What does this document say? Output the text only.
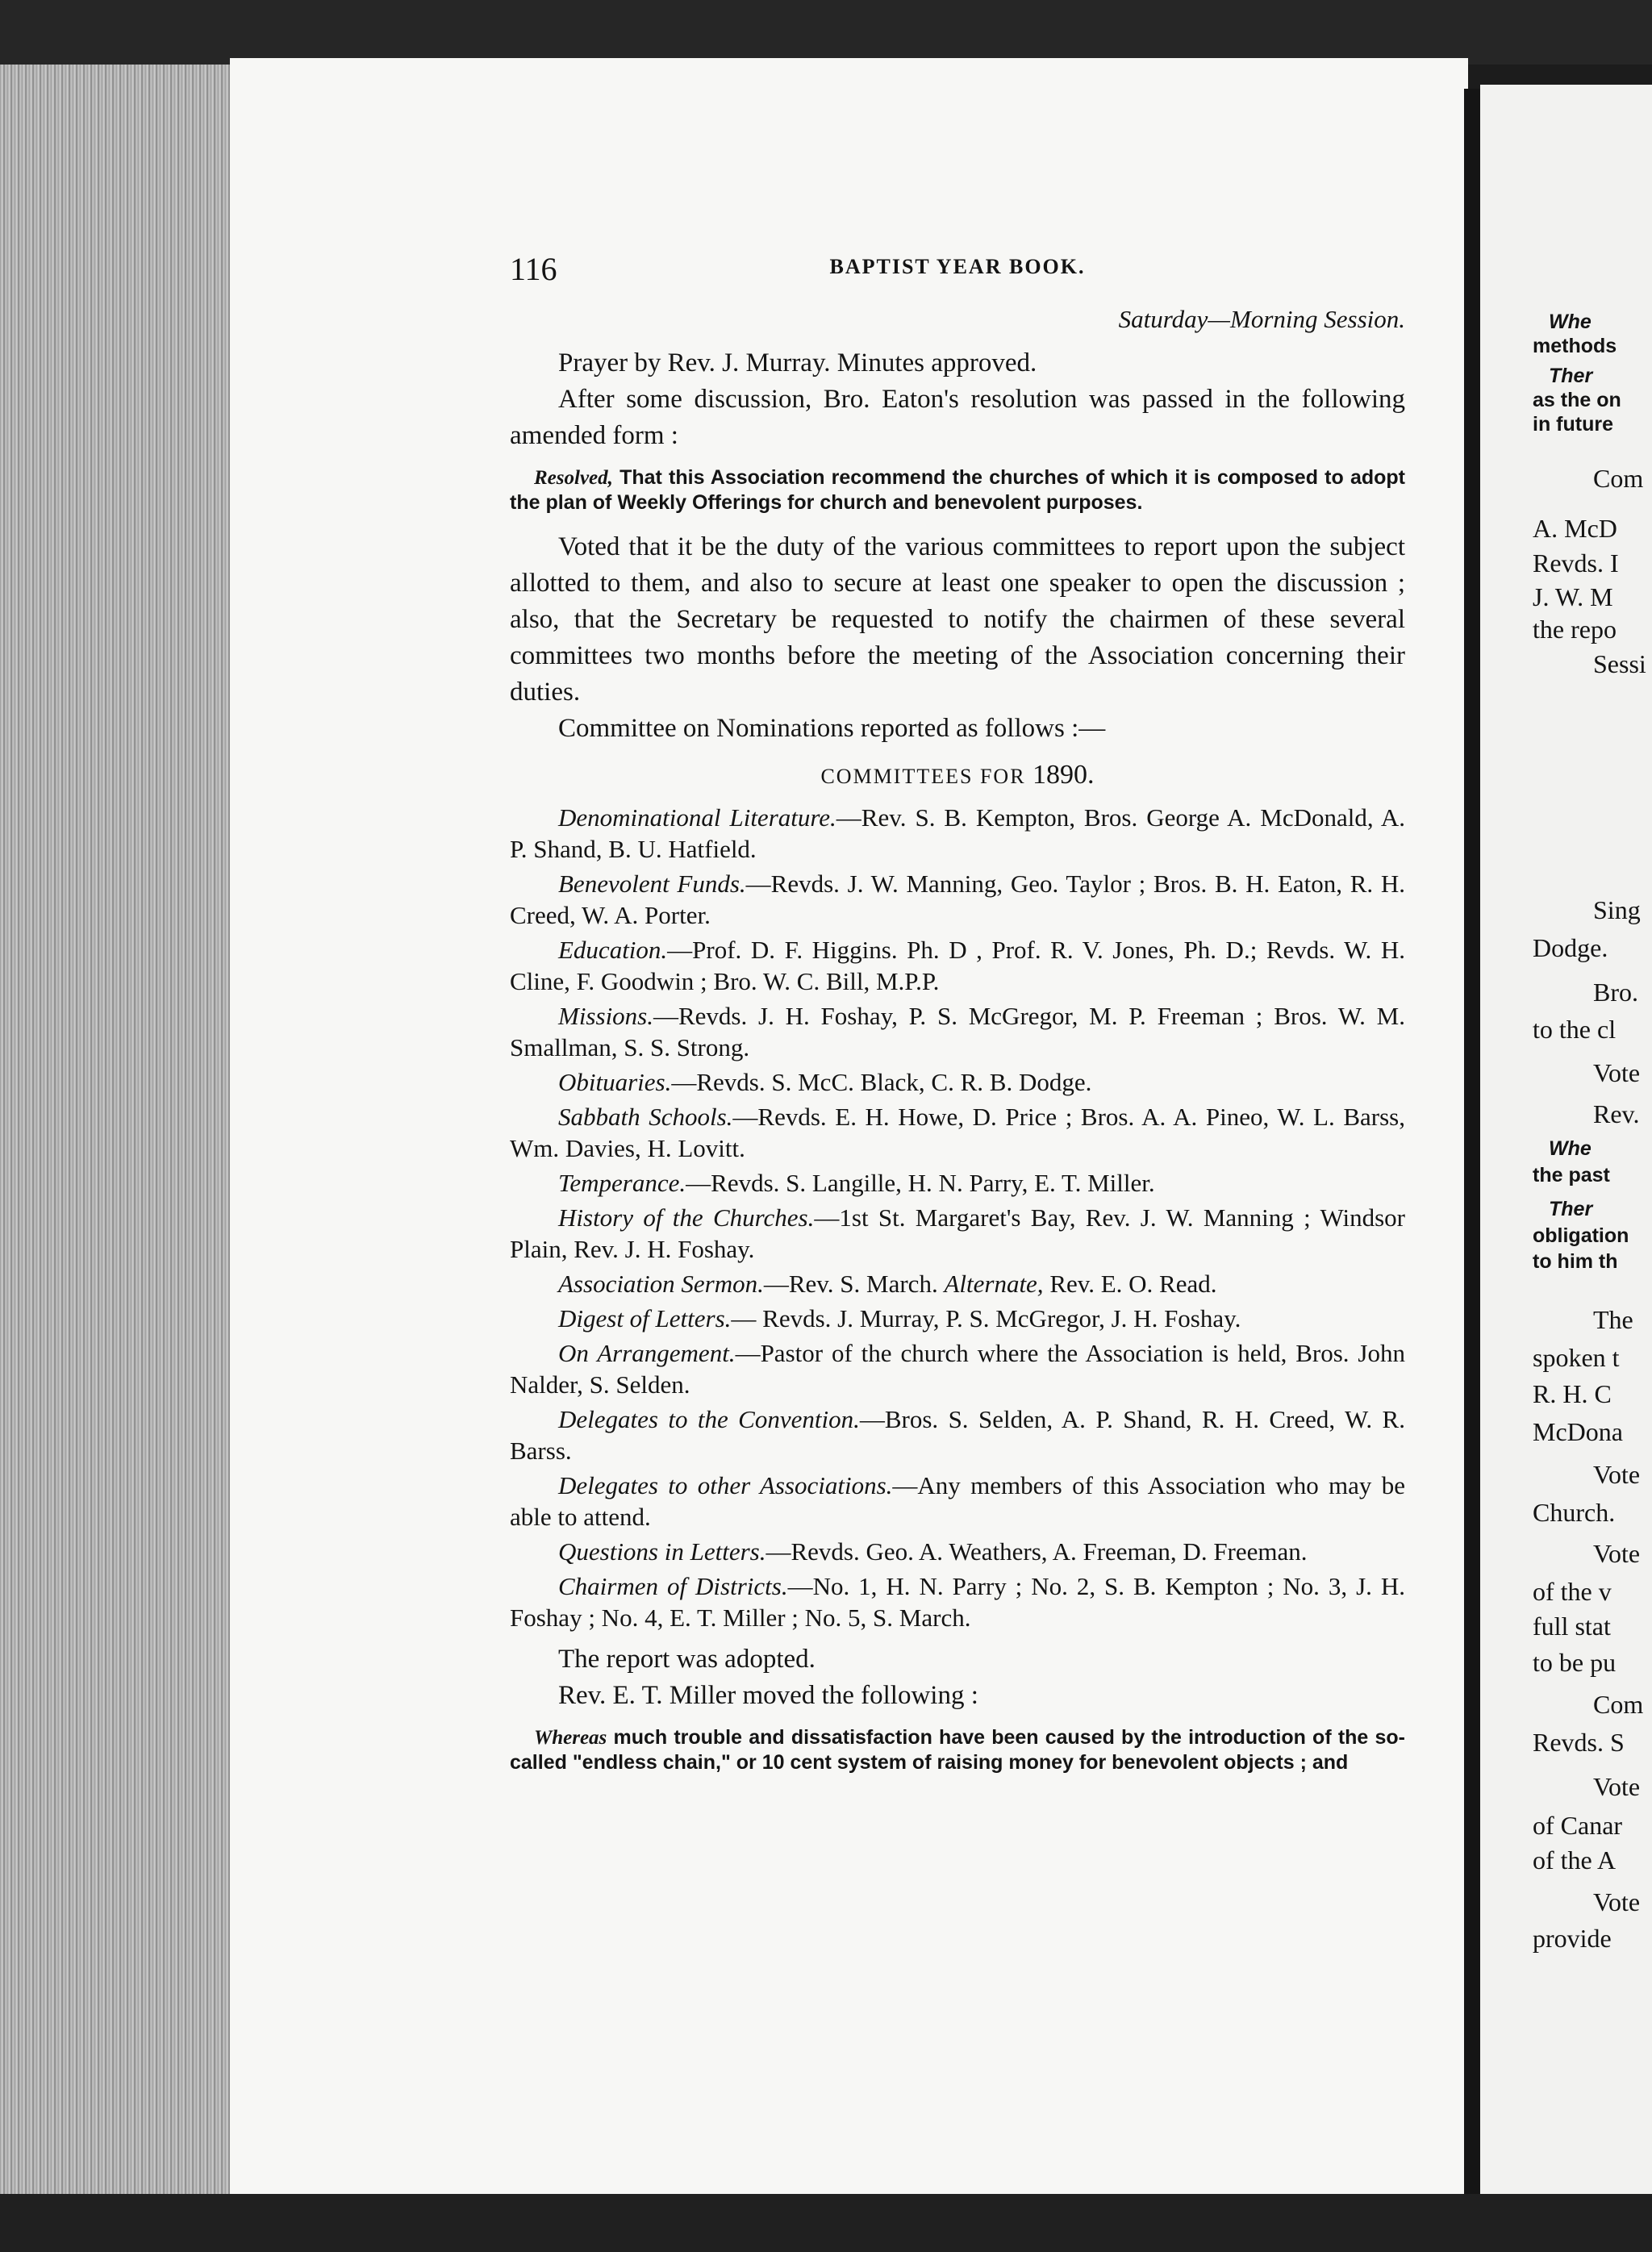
116	BAPTIST YEAR BOOK.
Saturday—Morning Session.

Prayer by Rev. J. Murray. Minutes approved.

After some discussion, Bro. Eaton's resolution was passed in the following amended form :

Resolved, That this Association recommend the churches of which it is composed to adopt the plan of Weekly Offerings for church and benevolent purposes.

Voted that it be the duty of the various committees to report upon the subject allotted to them, and also to secure at least one speaker to open the discussion ; also, that the Secretary be requested to notify the chairmen of these several committees two months before the meeting of the Association concerning their duties.

Committee on Nominations reported as follows :—

COMMITTEES FOR 1890.

Denominational Literature.—Rev. S. B. Kempton, Bros. George A. McDonald, A. P. Shand, B. U. Hatfield.

Benevolent Funds.—Revds. J. W. Manning, Geo. Taylor ; Bros. B. H. Eaton, R. H. Creed, W. A. Porter.

Education.—Prof. D. F. Higgins. Ph. D , Prof. R. V. Jones, Ph. D.; Revds. W. H. Cline, F. Goodwin ; Bro. W. C. Bill, M.P.P.

Missions.—Revds. J. H. Foshay, P. S. McGregor, M. P. Freeman ; Bros. W. M. Smallman, S. S. Strong.

Obituaries.—Revds. S. McC. Black, C. R. B. Dodge.

Sabbath Schools.—Revds. E. H. Howe, D. Price ; Bros. A. A. Pineo, W. L. Barss, Wm. Davies, H. Lovitt.

Temperance.—Revds. S. Langille, H. N. Parry, E. T. Miller.

History of the Churches.—1st St. Margaret's Bay, Rev. J. W. Manning ; Windsor Plain, Rev. J. H. Foshay.

Association Sermon.—Rev. S. March. Alternate, Rev. E. O. Read.

Digest of Letters.— Revds. J. Murray, P. S. McGregor, J. H. Foshay.

On Arrangement.—Pastor of the church where the Association is held, Bros. John Nalder, S. Selden.

Delegates to the Convention.—Bros. S. Selden, A. P. Shand, R. H. Creed, W. R. Barss.

Delegates to other Associations.—Any members of this Association who may be able to attend.

Questions in Letters.—Revds. Geo. A. Weathers, A. Freeman, D. Freeman.

Chairmen of Districts.—No. 1, H. N. Parry ; No. 2, S. B. Kempton ; No. 3, J. H. Foshay ; No. 4, E. T. Miller ; No. 5, S. March.

The report was adopted.

Rev. E. T. Miller moved the following :

Whereas much trouble and dissatisfaction have been caused by the introduction of the so-called "endless chain," or 10 cent system of raising money for benevolent objects ; and

Whe
methods
Ther
as the on
in future
Com
A. McD
Revds. I
J. W. M
the repo
Sessi
Sing
Dodge.
Bro.
to the cl
Vote
Rev.
Whe
the past
Ther
obligation
to him th
The
spoken t
R. H. C
McDona
Vote
Church.
Vote
of the v
full stat
to be pu
Com
Revds. S
Vote
of Canar
of the A
Vote
provide
